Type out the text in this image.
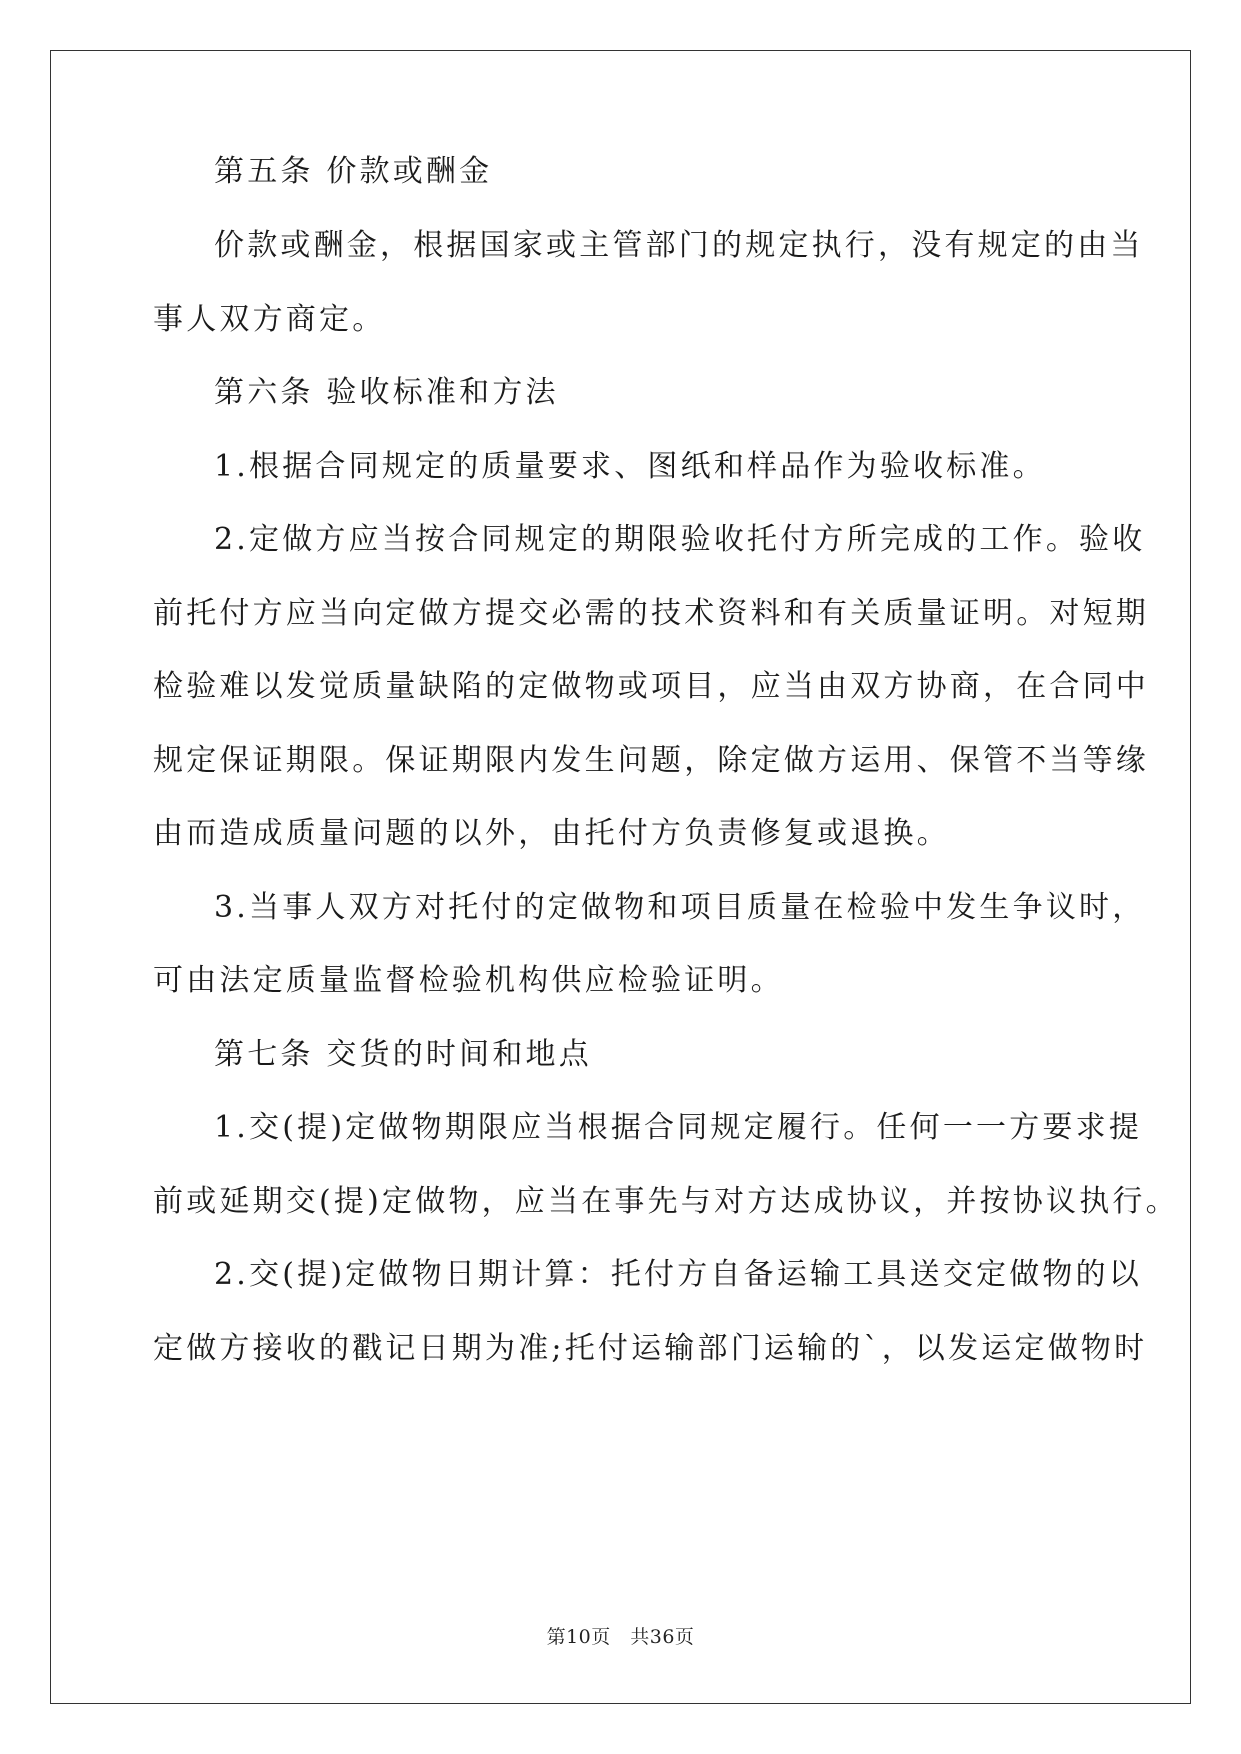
第五条 价款或酬金
价款或酬金，根据国家或主管部门的规定执行，没有规定的由当
事人双方商定。
第六条 验收标准和方法
1.根据合同规定的质量要求、图纸和样品作为验收标准。
2.定做方应当按合同规定的期限验收托付方所完成的工作。验收
前托付方应当向定做方提交必需的技术资料和有关质量证明。对短期
检验难以发觉质量缺陷的定做物或项目，应当由双方协商，在合同中
规定保证期限。保证期限内发生问题，除定做方运用、保管不当等缘
由而造成质量问题的以外，由托付方负责修复或退换。
3.当事人双方对托付的定做物和项目质量在检验中发生争议时，
可由法定质量监督检验机构供应检验证明。
第七条 交货的时间和地点
1.交(提)定做物期限应当根据合同规定履行。任何一一方要求提
前或延期交(提)定做物，应当在事先与对方达成协议，并按协议执行。
2.交(提)定做物日期计算：托付方自备运输工具送交定做物的以
定做方接收的戳记日期为准;托付运输部门运输的`，以发运定做物时
第10页　共36页
